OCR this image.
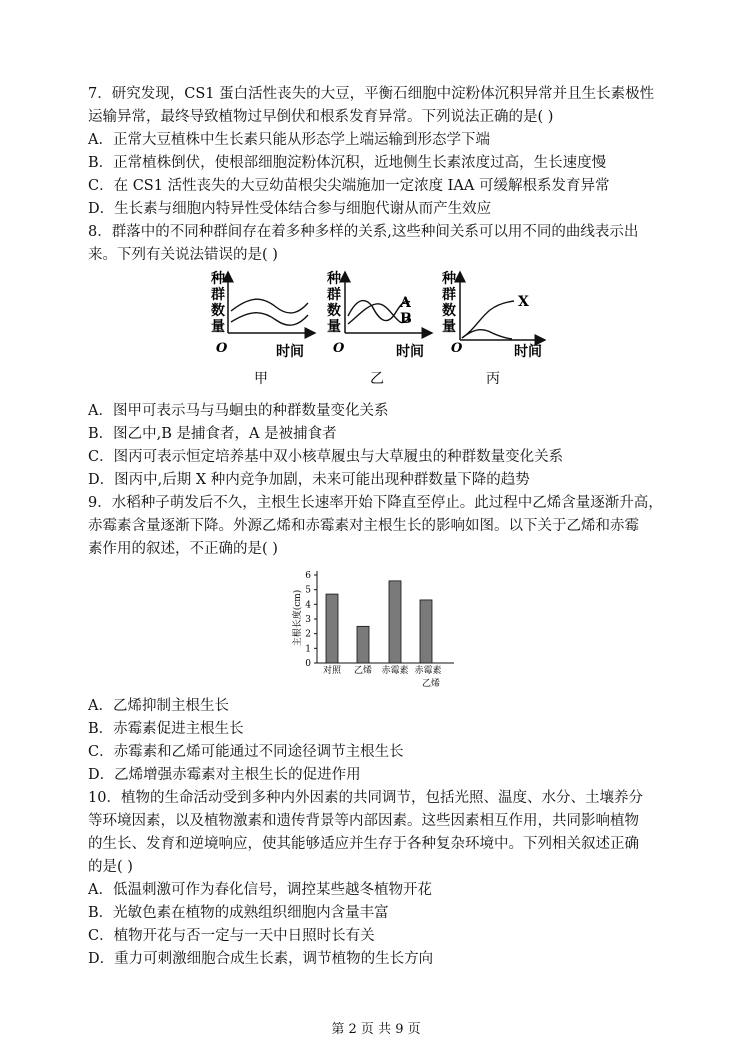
7．研究发现，CS1 蛋白活性丧失的大豆，平衡石细胞中淀粉体沉积异常并且生长素极性
运输异常，最终导致植物过早倒伏和根系发育异常。下列说法正确的是( )
A．正常大豆植株中生长素只能从形态学上端运输到形态学下端
B．正常植株倒伏，使根部细胞淀粉体沉积，近地侧生长素浓度过高，生长速度慢
C．在 CS1 活性丧失的大豆幼苗根尖尖端施加一定浓度 IAA 可缓解根系发育异常
D．生长素与细胞内特异性受体结合参与细胞代谢从而产生效应
8．群落中的不同种群间存在着多种多样的关系,这些种间关系可以用不同的曲线表示出
来。下列有关说法错误的是( )
种
群
数
量
O	时间
甲
种
群
数
量
O	时间
A
B
乙
种
群
数
量
O	时间
X
丙
主根长度(cm)
0
1
2
3
4
5
6
对照 乙烯 赤霉素 赤霉素
乙烯
A．图甲可表示马与马蛔虫的种群数量变化关系
B．图乙中,B 是捕食者，A 是被捕食者
C．图丙可表示恒定培养基中双小核草履虫与大草履虫的种群数量变化关系
D．图丙中,后期 X 种内竞争加剧，未来可能出现种群数量下降的趋势
9．水稻种子萌发后不久，主根生长速率开始下降直至停止。此过程中乙烯含量逐渐升高，
赤霉素含量逐渐下降。外源乙烯和赤霉素对主根生长的影响如图。以下关于乙烯和赤霉
素作用的叙述，不正确的是( )
A．乙烯抑制主根生长
B．赤霉素促进主根生长
C．赤霉素和乙烯可能通过不同途径调节主根生长
D．乙烯增强赤霉素对主根生长的促进作用
10．植物的生命活动受到多种内外因素的共同调节，包括光照、温度、水分、土壤养分
等环境因素，以及植物激素和遗传背景等内部因素。这些因素相互作用，共同影响植物
的生长、发育和逆境响应，使其能够适应并生存于各种复杂环境中。下列相关叙述正确
的是( )
A．低温刺激可作为春化信号，调控某些越冬植物开花
B．光敏色素在植物的成熟组织细胞内含量丰富
C．植物开花与否一定与一天中日照时长有关
D．重力可刺激细胞合成生长素，调节植物的生长方向
第 2 页 共 9 页
